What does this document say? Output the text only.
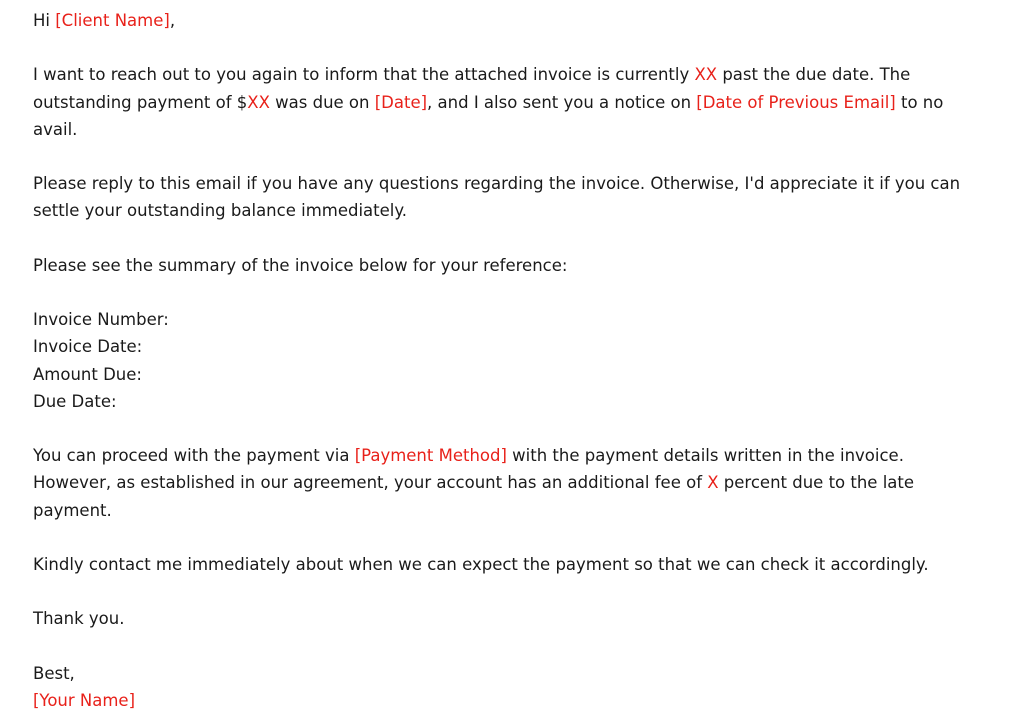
Hi [Client Name],

I want to reach out to you again to inform that the attached invoice is currently XX past the due date. The
outstanding payment of $XX was due on [Date], and I also sent you a notice on [Date of Previous Email] to no
avail.

Please reply to this email if you have any questions regarding the invoice. Otherwise, I'd appreciate it if you can
settle your outstanding balance immediately.

Please see the summary of the invoice below for your reference:

Invoice Number:

Invoice Date:

Amount Due:

Due Date:

You can proceed with the payment via [Payment Method] with the payment details written in the invoice.
However, as established in our agreement, your account has an additional fee of X percent due to the late
payment.

Kindly contact me immediately about when we can expect the payment so that we can check it accordingly.

Thank you.

Best,

[Your Name]
